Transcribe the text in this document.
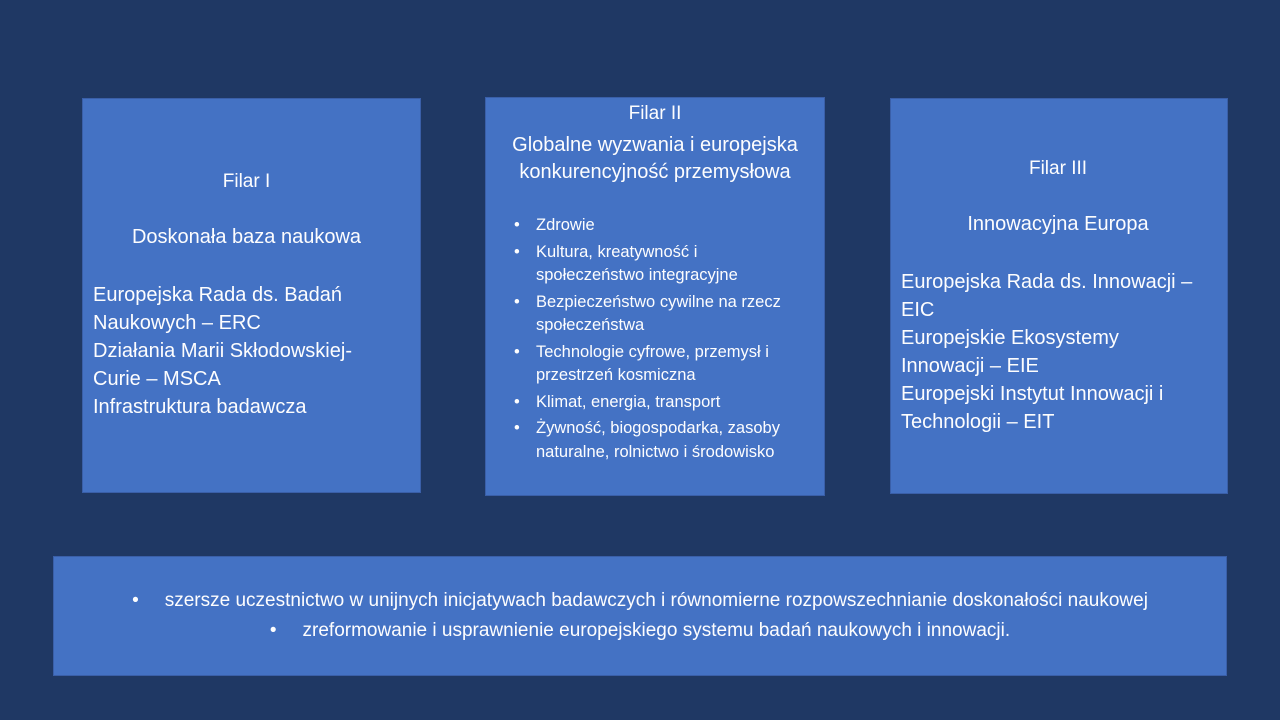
Filar I
Doskonała baza naukowa
Europejska Rada ds. Badań
Naukowych – ERC
Działania Marii Skłodowskiej-
Curie – MSCA
Infrastruktura badawcza
Filar II
Globalne wyzwania i europejska
konkurencyjność przemysłowa
• Zdrowie
• Kultura, kreatywność i
społeczeństwo integracyjne
• Bezpieczeństwo cywilne na rzecz
społeczeństwa
• Technologie cyfrowe, przemysł i
przestrzeń kosmiczna
• Klimat, energia, transport
• Żywność, biogospodarka, zasoby
naturalne, rolnictwo i środowisko
Filar III
Innowacyjna Europa
Europejska Rada ds. Innowacji –
EIC
Europejskie Ekosystemy
Innowacji – EIE
Europejski Instytut Innowacji i
Technologii – EIT
• szersze uczestnictwo w unijnych inicjatywach badawczych i równomierne rozpowszechnianie doskonałości naukowej
• zreformowanie i usprawnienie europejskiego systemu badań naukowych i innowacji.
